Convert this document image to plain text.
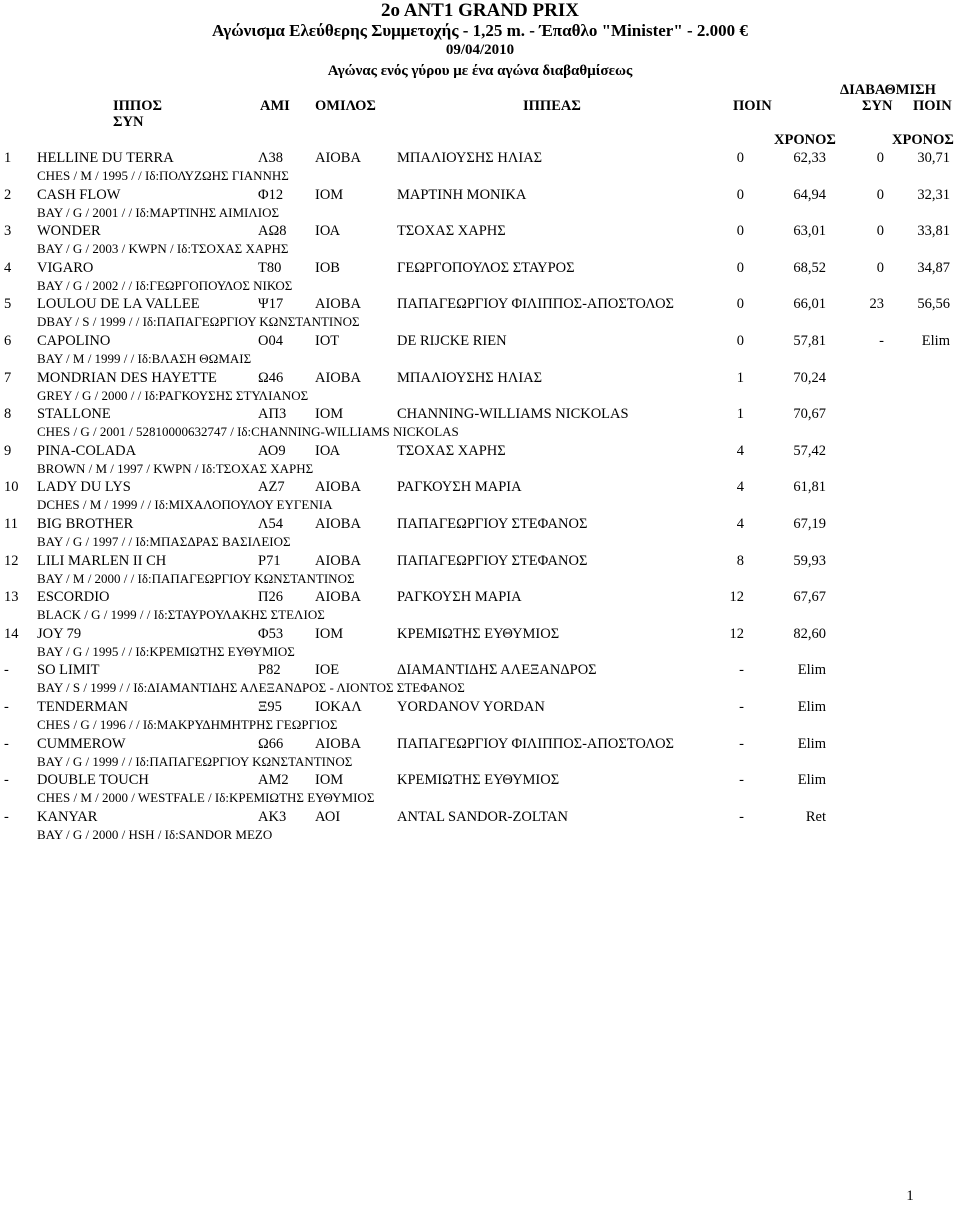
2o ANT1 GRAND PRIX
Αγώνισμα Ελεύθερης Συμμετοχής - 1,25 m. - Έπαθλο "Minister" - 2.000 €
09/04/2010
Αγώνας ενός γύρου με ένα αγώνα διαβαθμίσεως
ΙΠΠΟΣ	ΑΜΙ ΟΜΙΛΟΣ	ΙΠΠΕΑΣ	ΠΟΙΝ
ΔΙΑΒΑΘΜΙΣΗ
ΠΟΙΝ
ΣΥΝ
ΣΥΝ
ΧΡΟΝΟΣ	ΧΡΟΝΟΣ
1	HELLINE DU TERRA	Λ38	ΑΙΟΒΑ	ΜΠΑΛΙΟΥΣΗΣ ΗΛΙΑΣ	0	62,33	0	30,71
CHES / M / 1995 / / Ιδ:ΠΟΛΥΖΩΗΣ ΓΙΑΝΝΗΣ
2	CASH FLOW	Φ12	ΙΟΜ	ΜΑΡΤΙΝΗ ΜΟΝΙΚΑ	0	64,94	0	32,31
BAY / G / 2001 / / Ιδ:ΜΑΡΤΙΝΗΣ ΑΙΜΙΛΙΟΣ
3	WONDER	ΑΩ8	ΙΟΑ	ΤΣΟΧΑΣ ΧΑΡΗΣ	0	63,01	0	33,81
BAY / G / 2003 / KWPN / Ιδ:ΤΣΟΧΑΣ ΧΑΡΗΣ
4	VIGARO	Τ80	ΙΟΒ	ΓΕΩΡΓΟΠΟΥΛΟΣ ΣΤΑΥΡΟΣ	0	68,52	0	34,87
BAY / G / 2002 / / Ιδ:ΓΕΩΡΓΟΠΟΥΛΟΣ ΝΙΚΟΣ
5	LOULOU DE LA VALLEE	Ψ17	ΑΙΟΒΑ	ΠΑΠΑΓΕΩΡΓΙΟΥ ΦΙΛΙΠΠΟΣ-ΑΠΟΣΤΟΛΟΣ	0	66,01	23	56,56
DBAY / S / 1999 / / Ιδ:ΠΑΠΑΓΕΩΡΓΙΟΥ ΚΩΝΣΤΑΝΤΙΝΟΣ
6	CAPOLINO	Ο04	ΙΟΤ	DE RIJCKE RIEN	0	57,81	-	Elim
BAY / M / 1999 / / Ιδ:ΒΛΑΣΗ ΘΩΜΑΙΣ
7	MONDRIAN DES HAYETTE	Ω46	ΑΙΟΒΑ	ΜΠΑΛΙΟΥΣΗΣ ΗΛΙΑΣ	1	70,24
GREY / G / 2000 / / Ιδ:ΡΑΓΚΟΥΣΗΣ ΣΤΥΛΙΑΝΟΣ
8	STALLONE	ΑΠ3	ΙΟΜ	CHANNING-WILLIAMS NICKOLAS	1	70,67
CHES / G / 2001 / 52810000632747 / Ιδ:CHANNING-WILLIAMS NICKOLAS
9	PINA-COLADA	ΑΟ9	ΙΟΑ	ΤΣΟΧΑΣ ΧΑΡΗΣ	4	57,42
BROWN / M / 1997 / KWPN / Ιδ:ΤΣΟΧΑΣ ΧΑΡΗΣ
10	LADY DU LYS	ΑΖ7	ΑΙΟΒΑ	ΡΑΓΚΟΥΣΗ ΜΑΡΙΑ	4	61,81
DCHES / M / 1999 / / Ιδ:ΜΙΧΑΛΟΠΟΥΛΟΥ ΕΥΓΕΝΙΑ
11	BIG BROTHER	Λ54	ΑΙΟΒΑ	ΠΑΠΑΓΕΩΡΓΙΟΥ ΣΤΕΦΑΝΟΣ	4	67,19
BAY / G / 1997 / / Ιδ:ΜΠΑΣΔΡΑΣ ΒΑΣΙΛΕΙΟΣ
12	LILI MARLEN II CH	Ρ71	ΑΙΟΒΑ	ΠΑΠΑΓΕΩΡΓΙΟΥ ΣΤΕΦΑΝΟΣ	8	59,93
BAY / M / 2000 / / Ιδ:ΠΑΠΑΓΕΩΡΓΙΟΥ ΚΩΝΣΤΑΝΤΙΝΟΣ
13	ESCORDIO	Π26	ΑΙΟΒΑ	ΡΑΓΚΟΥΣΗ ΜΑΡΙΑ	12	67,67
BLACK / G / 1999 / / Ιδ:ΣΤΑΥΡΟΥΛΑΚΗΣ ΣΤΕΛΙΟΣ
14	JOY 79	Φ53	ΙΟΜ	ΚΡΕΜΙΩΤΗΣ ΕΥΘΥΜΙΟΣ	12	82,60
BAY / G / 1995 / / Ιδ:ΚΡΕΜΙΩΤΗΣ ΕΥΘΥΜΙΟΣ
-	SO LIMIT	Ρ82	ΙΟΕ	ΔΙΑΜΑΝΤΙΔΗΣ ΑΛΕΞΑΝΔΡΟΣ	-	Elim
BAY / S / 1999 / / Ιδ:ΔΙΑΜΑΝΤΙΔΗΣ ΑΛΕΞΑΝΔΡΟΣ - ΛΙΟΝΤΟΣ ΣΤΕΦΑΝΟΣ
-	TENDERMAN	Ξ95	ΙΟΚΑΛ	YORDANOV YORDAN	-	Elim
CHES / G / 1996 / / Ιδ:ΜΑΚΡΥΔΗΜΗΤΡΗΣ ΓΕΩΡΓΙΟΣ
-	CUMMEROW	Ω66	ΑΙΟΒΑ	ΠΑΠΑΓΕΩΡΓΙΟΥ ΦΙΛΙΠΠΟΣ-ΑΠΟΣΤΟΛΟΣ	-	Elim
BAY / G / 1999 / / Ιδ:ΠΑΠΑΓΕΩΡΓΙΟΥ ΚΩΝΣΤΑΝΤΙΝΟΣ
-	DOUBLE TOUCH	ΑΜ2	ΙΟΜ	ΚΡΕΜΙΩΤΗΣ ΕΥΘΥΜΙΟΣ	-	Elim
CHES / M / 2000 / WESTFALE / Ιδ:ΚΡΕΜΙΩΤΗΣ ΕΥΘΥΜΙΟΣ
-	KANYAR	ΑΚ3	ΑΟΙ	ANTAL SANDOR-ZOLTAN	-	Ret
BAY / G / 2000 / HSH / Ιδ:SANDOR MEZO
1
